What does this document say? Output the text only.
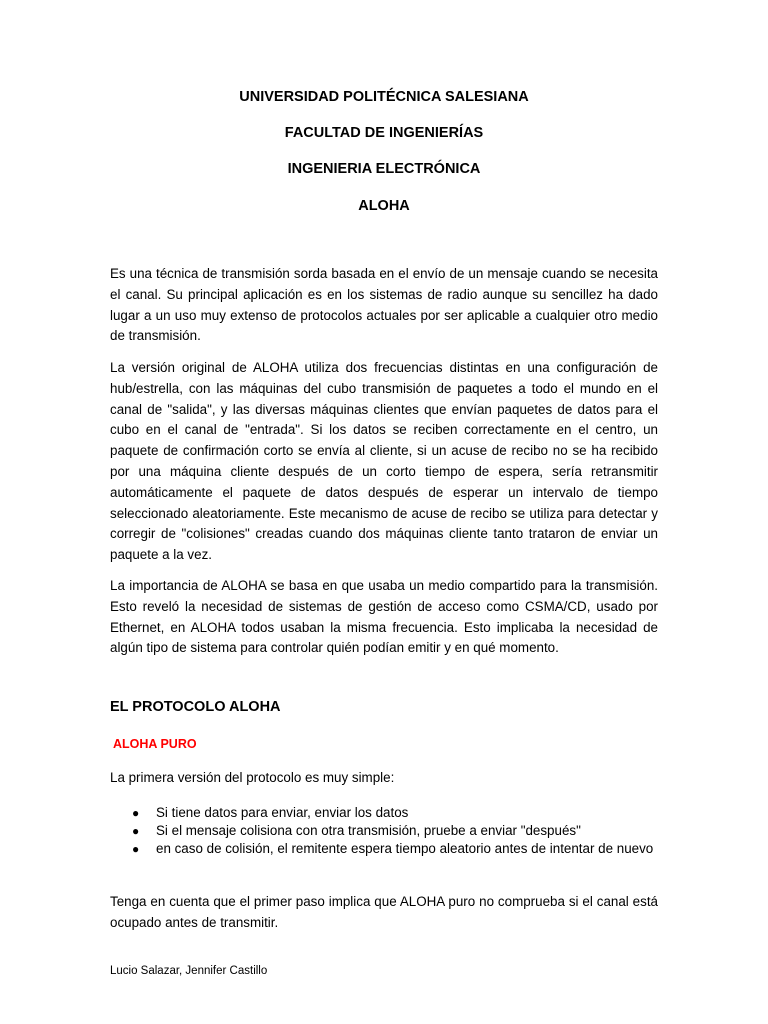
UNIVERSIDAD POLITÉCNICA SALESIANA
FACULTAD DE INGENIERÍAS
INGENIERIA ELECTRÓNICA
ALOHA

Es una técnica de transmisión sorda basada en el envío de un mensaje cuando se necesita el canal. Su principal aplicación es en los sistemas de radio aunque su sencillez ha dado lugar a un uso muy extenso de protocolos actuales por ser aplicable a cualquier otro medio de transmisión.

La versión original de ALOHA utiliza dos frecuencias distintas en una configuración de hub/estrella, con las máquinas del cubo transmisión de paquetes a todo el mundo en el canal de "salida", y las diversas máquinas clientes que envían paquetes de datos para el cubo en el canal de "entrada". Si los datos se reciben correctamente en el centro, un paquete de confirmación corto se envía al cliente, si un acuse de recibo no se ha recibido por una máquina cliente después de un corto tiempo de espera, sería retransmitir automáticamente el paquete de datos después de esperar un intervalo de tiempo seleccionado aleatoriamente. Este mecanismo de acuse de recibo se utiliza para detectar y corregir de "colisiones" creadas cuando dos máquinas cliente tanto trataron de enviar un paquete a la vez.

La importancia de ALOHA se basa en que usaba un medio compartido para la transmisión. Esto reveló la necesidad de sistemas de gestión de acceso como CSMA/CD, usado por Ethernet, en ALOHA todos usaban la misma frecuencia. Esto implicaba la necesidad de algún tipo de sistema para controlar quién podían emitir y en qué momento.

EL PROTOCOLO ALOHA
ALOHA PURO

La primera versión del protocolo es muy simple:

● Si tiene datos para enviar, enviar los datos
● Si el mensaje colisiona con otra transmisión, pruebe a enviar "después"
● en caso de colisión, el remitente espera tiempo aleatorio antes de intentar de nuevo

Tenga en cuenta que el primer paso implica que ALOHA puro no comprueba si el canal está ocupado antes de transmitir.

Lucio Salazar, Jennifer Castillo
